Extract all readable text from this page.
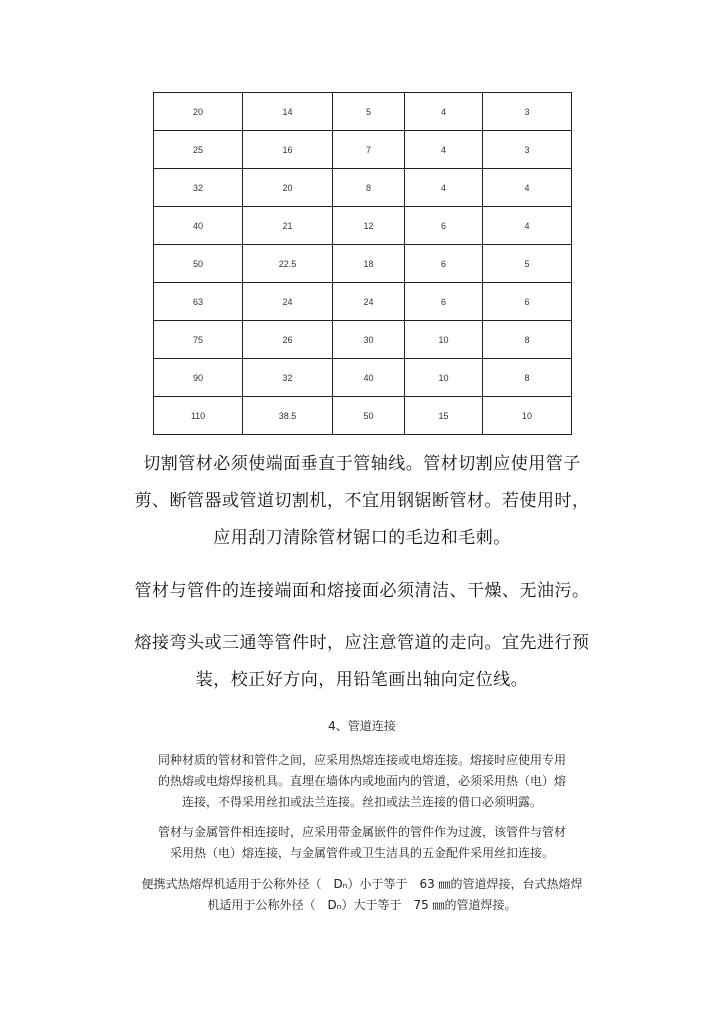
20	14	5	4	3
25	16	7	4	3
32	20	8	4	4
40	21	12	6	4
50	22.5	18	6	5
63	24	24	6	6
75	26	30	10	8
90	32	40	10	8
110	38.5	50	15	10
切割管材必须使端面垂直于管轴线。管材切割应使用管子
剪、断管器或管道切割机，不宜用钢锯断管材。若使用时，
应用刮刀清除管材锯口的毛边和毛刺。
管材与管件的连接端面和熔接面必须清洁、干燥、无油污。
熔接弯头或三通等管件时，应注意管道的走向。宜先进行预
装，校正好方向，用铅笔画出轴向定位线。
4、管道连接
同种材质的管材和管件之间，应采用热熔连接或电熔连接。熔接时应使用专用
的热熔或电熔焊接机具。直埋在墙体内或地面内的管道，必须采用热（电）熔
连接，不得采用丝扣或法兰连接。丝扣或法兰连接的借口必须明露。
管材与金属管件相连接时，应采用带金属嵌件的管件作为过渡，该管件与管材
采用热（电）熔连接，与金属管件或卫生洁具的五金配件采用丝扣连接。
便携式热熔焊机适用于公称外径（　Dₙ）小于等于　63 ㎜的管道焊接，台式热熔焊
机适用于公称外径（　Dₙ）大于等于　75 ㎜的管道焊接。
